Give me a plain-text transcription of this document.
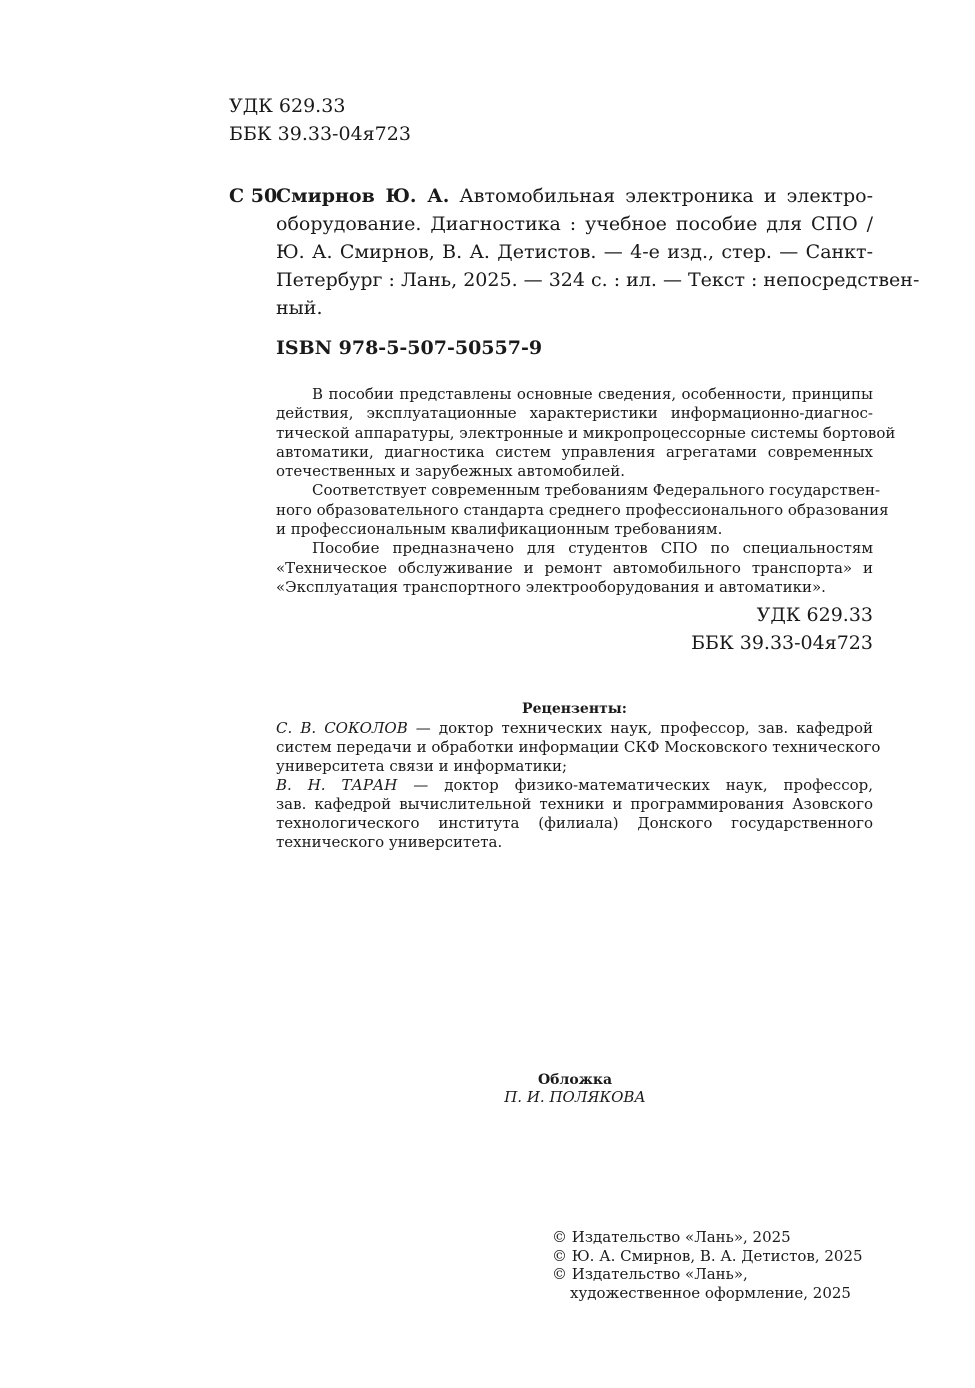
УДК 629.33
ББК 39.33-04я723
С 50
Смирнов Ю. А. Автомобильная электроника и электро-
оборудование. Диагностика : учебное пособие для СПО /
Ю. А. Смирнов, В. А. Детистов. — 4-е изд., стер. — Санкт-
Петербург : Лань, 2025. — 324 с. : ил. — Текст : непосредствен-
ный.
ISBN 978-5-507-50557-9
В пособии представлены основные сведения, особенности, принципы
действия, эксплуатационные характеристики информационно-диагнос-
тической аппаратуры, электронные и микропроцессорные системы бортовой
автоматики, диагностика систем управления агрегатами современных
отечественных и зарубежных автомобилей.
Соответствует современным требованиям Федерального государствен-
ного образовательного стандарта среднего профессионального образования
и профессиональным квалификационным требованиям.
Пособие предназначено для студентов СПО по специальностям
«Техническое обслуживание и ремонт автомобильного транспорта» и
«Эксплуатация транспортного электрооборудования и автоматики».
УДК 629.33
ББК 39.33-04я723
Рецензенты:
С. В. СОКОЛОВ — доктор технических наук, профессор, зав. кафедрой
систем передачи и обработки информации СКФ Московского технического
университета связи и информатики;
В. Н. ТАРАН — доктор физико-математических наук, профессор,
зав. кафедрой вычислительной техники и программирования Азовского
технологического института (филиала) Донского государственного
технического университета.
Обложка
П. И. ПОЛЯКОВА
© Издательство «Лань», 2025
© Ю. А. Смирнов, В. А. Детистов, 2025
© Издательство «Лань»,
художественное оформление, 2025
